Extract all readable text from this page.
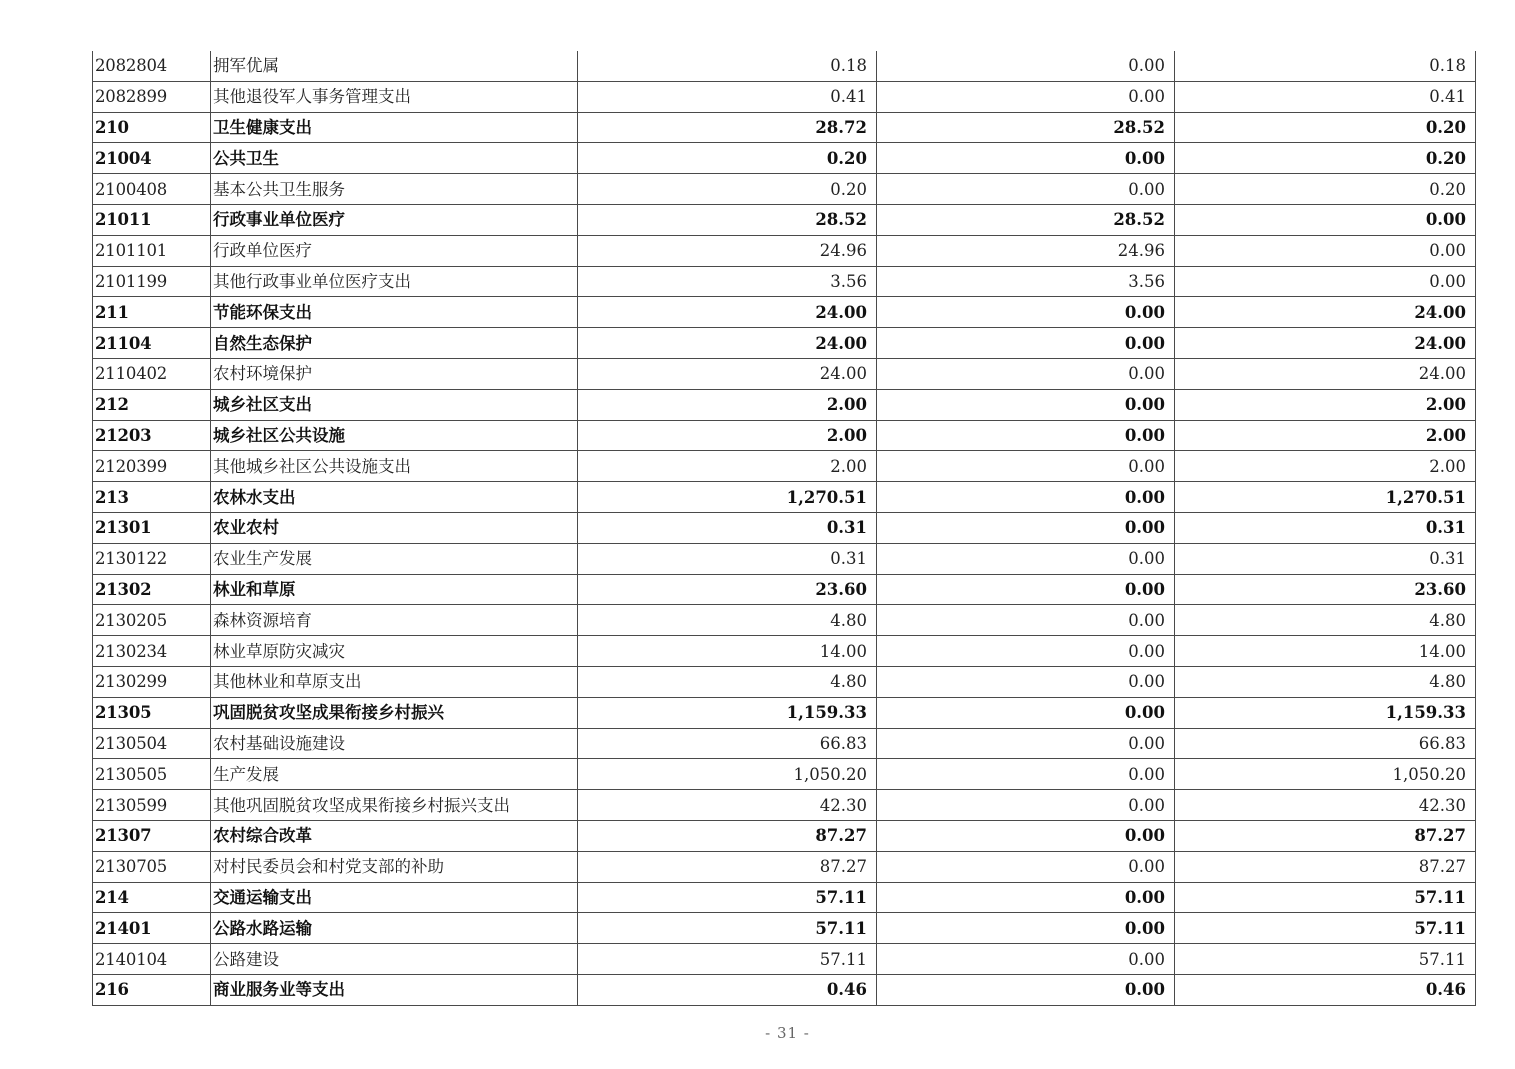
2082804	拥军优属	0.18	0.00	0.18
2082899	其他退役军人事务管理支出	0.41	0.00	0.41
210	卫生健康支出	28.72	28.52	0.20
21004	公共卫生	0.20	0.00	0.20
2100408	基本公共卫生服务	0.20	0.00	0.20
21011	行政事业单位医疗	28.52	28.52	0.00
2101101	行政单位医疗	24.96	24.96	0.00
2101199	其他行政事业单位医疗支出	3.56	3.56	0.00
211	节能环保支出	24.00	0.00	24.00
21104	自然生态保护	24.00	0.00	24.00
2110402	农村环境保护	24.00	0.00	24.00
212	城乡社区支出	2.00	0.00	2.00
21203	城乡社区公共设施	2.00	0.00	2.00
2120399	其他城乡社区公共设施支出	2.00	0.00	2.00
213	农林水支出	1,270.51	0.00	1,270.51
21301	农业农村	0.31	0.00	0.31
2130122	农业生产发展	0.31	0.00	0.31
21302	林业和草原	23.60	0.00	23.60
2130205	森林资源培育	4.80	0.00	4.80
2130234	林业草原防灾减灾	14.00	0.00	14.00
2130299	其他林业和草原支出	4.80	0.00	4.80
21305	巩固脱贫攻坚成果衔接乡村振兴	1,159.33	0.00	1,159.33
2130504	农村基础设施建设	66.83	0.00	66.83
2130505	生产发展	1,050.20	0.00	1,050.20
2130599	其他巩固脱贫攻坚成果衔接乡村振兴支出	42.30	0.00	42.30
21307	农村综合改革	87.27	0.00	87.27
2130705	对村民委员会和村党支部的补助	87.27	0.00	87.27
214	交通运输支出	57.11	0.00	57.11
21401	公路水路运输	57.11	0.00	57.11
2140104	公路建设	57.11	0.00	57.11
216	商业服务业等支出	0.46	0.00	0.46
- 31 -
